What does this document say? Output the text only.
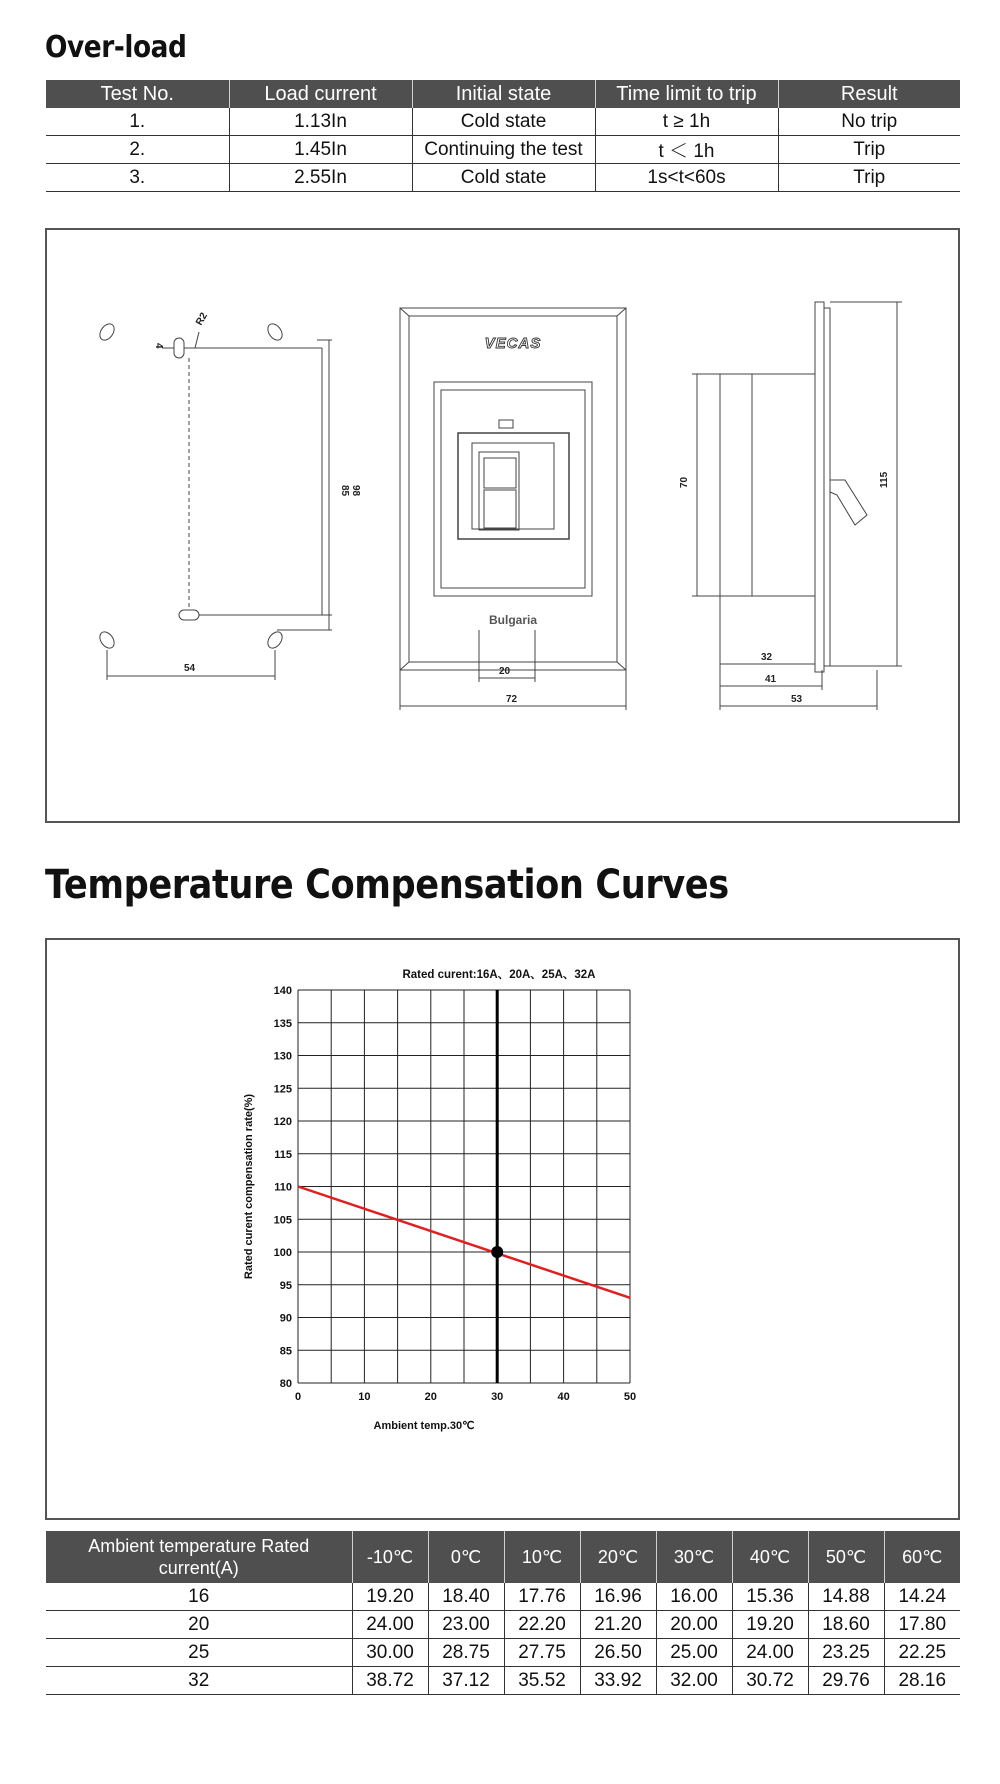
Over-load
Test No.	Load current	Initial state	Time limit to trip	Result
1.	1.13In	Cold state	t ≥ 1h	No trip
2.	1.45In	Continuing the test	t ＜ 1h	Trip
3.	2.55In	Cold state	1s<t<60s	Trip
54
85 98
4
R2
72
20
70	115
32
41
53
VECAS
Bulgaria
Temperature Compensation Curves
Rated curent:16A、20A、25A、32A
80
85
90
95
100
105
110
115
120
125
130
135
140
0	10	20	30	40	50
Rated curent compensation rate(%)
Ambient temp.30℃
Ambient temperature Rated current(A)	-10℃	0℃	10℃	20℃	30℃	40℃	50℃	60℃
16	19.20	18.40	17.76	16.96	16.00	15.36	14.88	14.24
20	24.00	23.00	22.20	21.20	20.00	19.20	18.60	17.80
25	30.00	28.75	27.75	26.50	25.00	24.00	23.25	22.25
32	38.72	37.12	35.52	33.92	32.00	30.72	29.76	28.16
